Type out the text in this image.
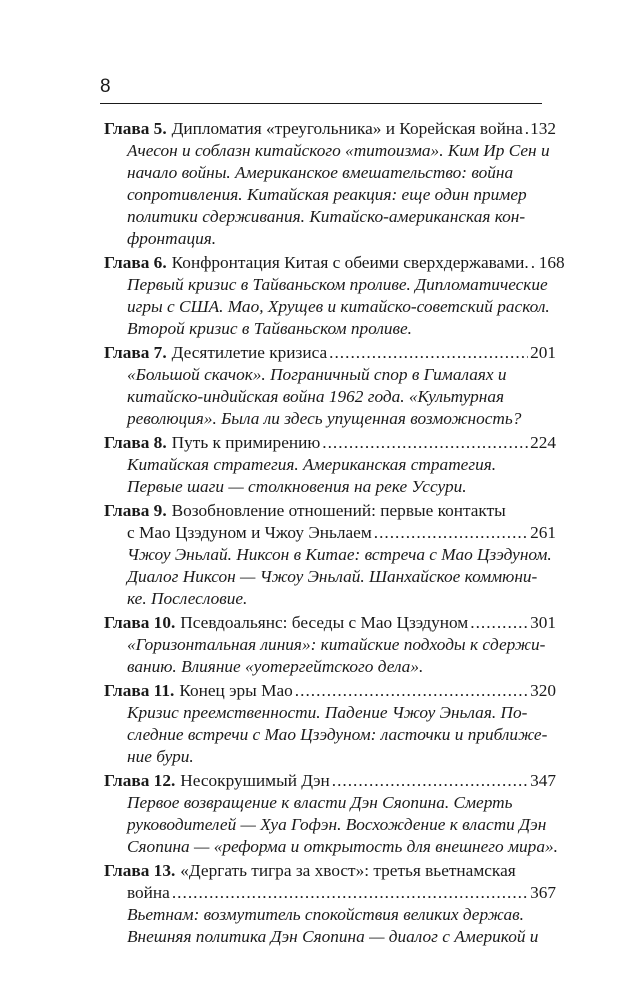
8
Глава 5. Дипломатия «треугольника» и Корейская война ..... 132
Ачесон и соблазн китайского «титоизма». Ким Ир Сен и
начало войны. Американское вмешательство: война
сопротивления. Китайская реакция: еще один пример
политики сдерживания. Китайско-американская кон-
фронтация.
Глава 6. Конфронтация Китая с обеими сверхдержавами. ..... 168
Первый кризис в Тайваньском проливе. Дипломатические
игры с США. Мао, Хрущев и китайско-советский раскол.
Второй кризис в Тайваньском проливе.
Глава 7. Десятилетие кризиса .....	201
«Большой скачок». Пограничный спор в Гималаях и
китайско-индийская война 1962 года. «Культурная
революция». Была ли здесь упущенная возможность?
Глава 8. Путь к примирению .....	224
Китайская стратегия. Американская стратегия.
Первые шаги — столкновения на реке Уссури.
Глава 9. Возобновление отношений: первые контакты
с Мао Цзэдуном и Чжоу Эньлаем .....	261
Чжоу Эньлай. Никсон в Китае: встреча с Мао Цзэдуном.
Диалог Никсон — Чжоу Эньлай. Шанхайское коммюни-
ке. Послесловие.
Глава 10. Псевдоальянс: беседы с Мао Цзэдуном .....	301
«Горизонтальная линия»: китайские подходы к сдержи-
ванию. Влияние «уотергейтского дела».
Глава 11. Конец эры Мао .....	320
Кризис преемственности. Падение Чжоу Эньлая. По-
следние встречи с Мао Цзэдуном: ласточки и приближе-
ние бури.
Глава 12. Несокрушимый Дэн .....	347
Первое возвращение к власти Дэн Сяопина. Смерть
руководителей — Хуа Гофэн. Восхождение к власти Дэн
Сяопина — «реформа и открытость для внешнего мира».
Глава 13. «Дергать тигра за хвост»: третья вьетнамская
война .....	367
Вьетнам: возмутитель спокойствия великих держав.
Внешняя политика Дэн Сяопина — диалог с Америкой и
